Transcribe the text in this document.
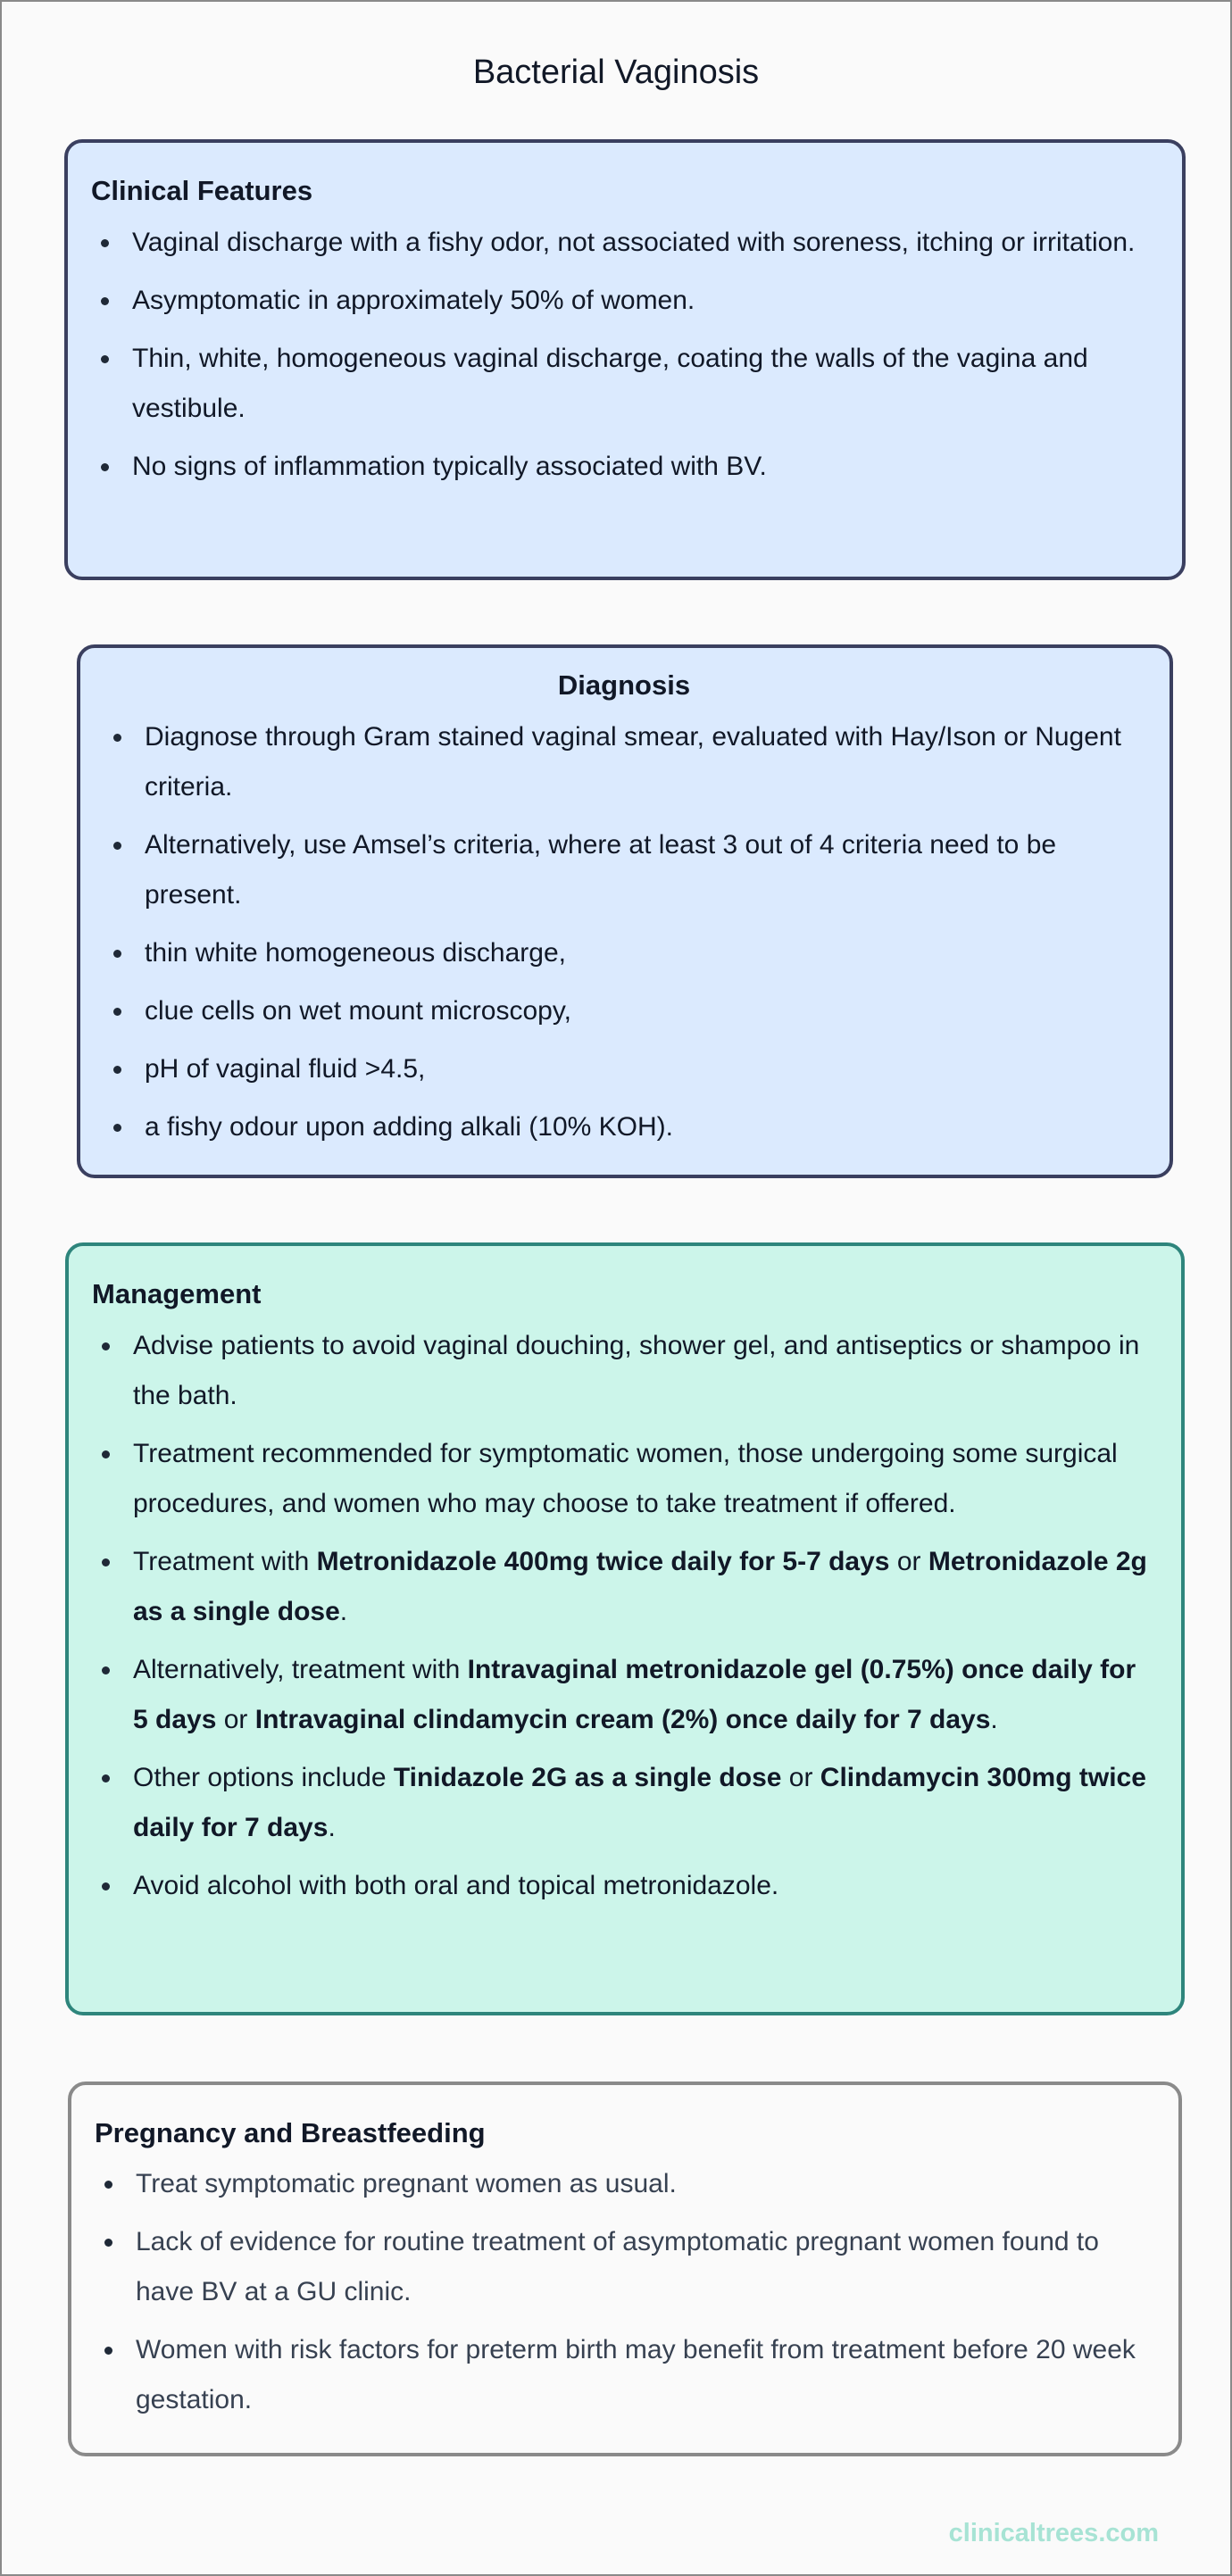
Bacterial Vaginosis
Clinical Features
Vaginal discharge with a fishy odor, not associated with soreness, itching or irritation.
Asymptomatic in approximately 50% of women.
Thin, white, homogeneous vaginal discharge, coating the walls of the vagina and vestibule.
No signs of inflammation typically associated with BV.
Diagnosis
Diagnose through Gram stained vaginal smear, evaluated with Hay/Ison or Nugent criteria.
Alternatively, use Amsel’s criteria, where at least 3 out of 4 criteria need to be present.
thin white homogeneous discharge,
clue cells on wet mount microscopy,
pH of vaginal fluid >4.5,
a fishy odour upon adding alkali (10% KOH).
Management
Advise patients to avoid vaginal douching, shower gel, and antiseptics or shampoo in the bath.
Treatment recommended for symptomatic women, those undergoing some surgical procedures, and women who may choose to take treatment if offered.
Treatment with Metronidazole 400mg twice daily for 5-7 days or Metronidazole 2g as a single dose.
Alternatively, treatment with Intravaginal metronidazole gel (0.75%) once daily for 5 days or Intravaginal clindamycin cream (2%) once daily for 7 days.
Other options include Tinidazole 2G as a single dose or Clindamycin 300mg twice daily for 7 days.
Avoid alcohol with both oral and topical metronidazole.
Pregnancy and Breastfeeding
Treat symptomatic pregnant women as usual.
Lack of evidence for routine treatment of asymptomatic pregnant women found to have BV at a GU clinic.
Women with risk factors for preterm birth may benefit from treatment before 20 week gestation.
clinicaltrees.com
